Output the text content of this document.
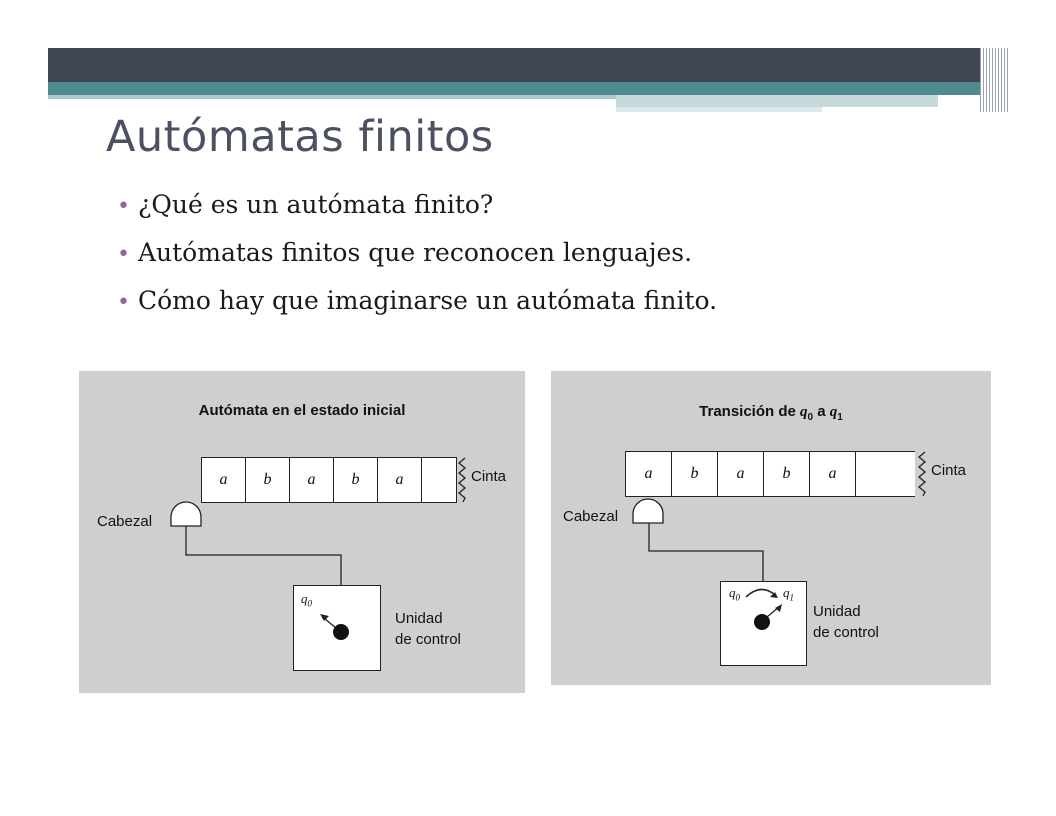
Autómatas finitos
• ¿Qué es un autómata finito?
• Autómatas finitos que reconocen lenguajes.
• Cómo hay que imaginarse un autómata finito.
Autómata en el estado inicial
a	b	a	b	a
$q_0$
Cinta
Cabezal
Unidad
de control
Transición de $q_0$ a $q_1$
a	b	a	b	a
$q_0$	$q_1$
Cinta
Cabezal
Unidad
de control
